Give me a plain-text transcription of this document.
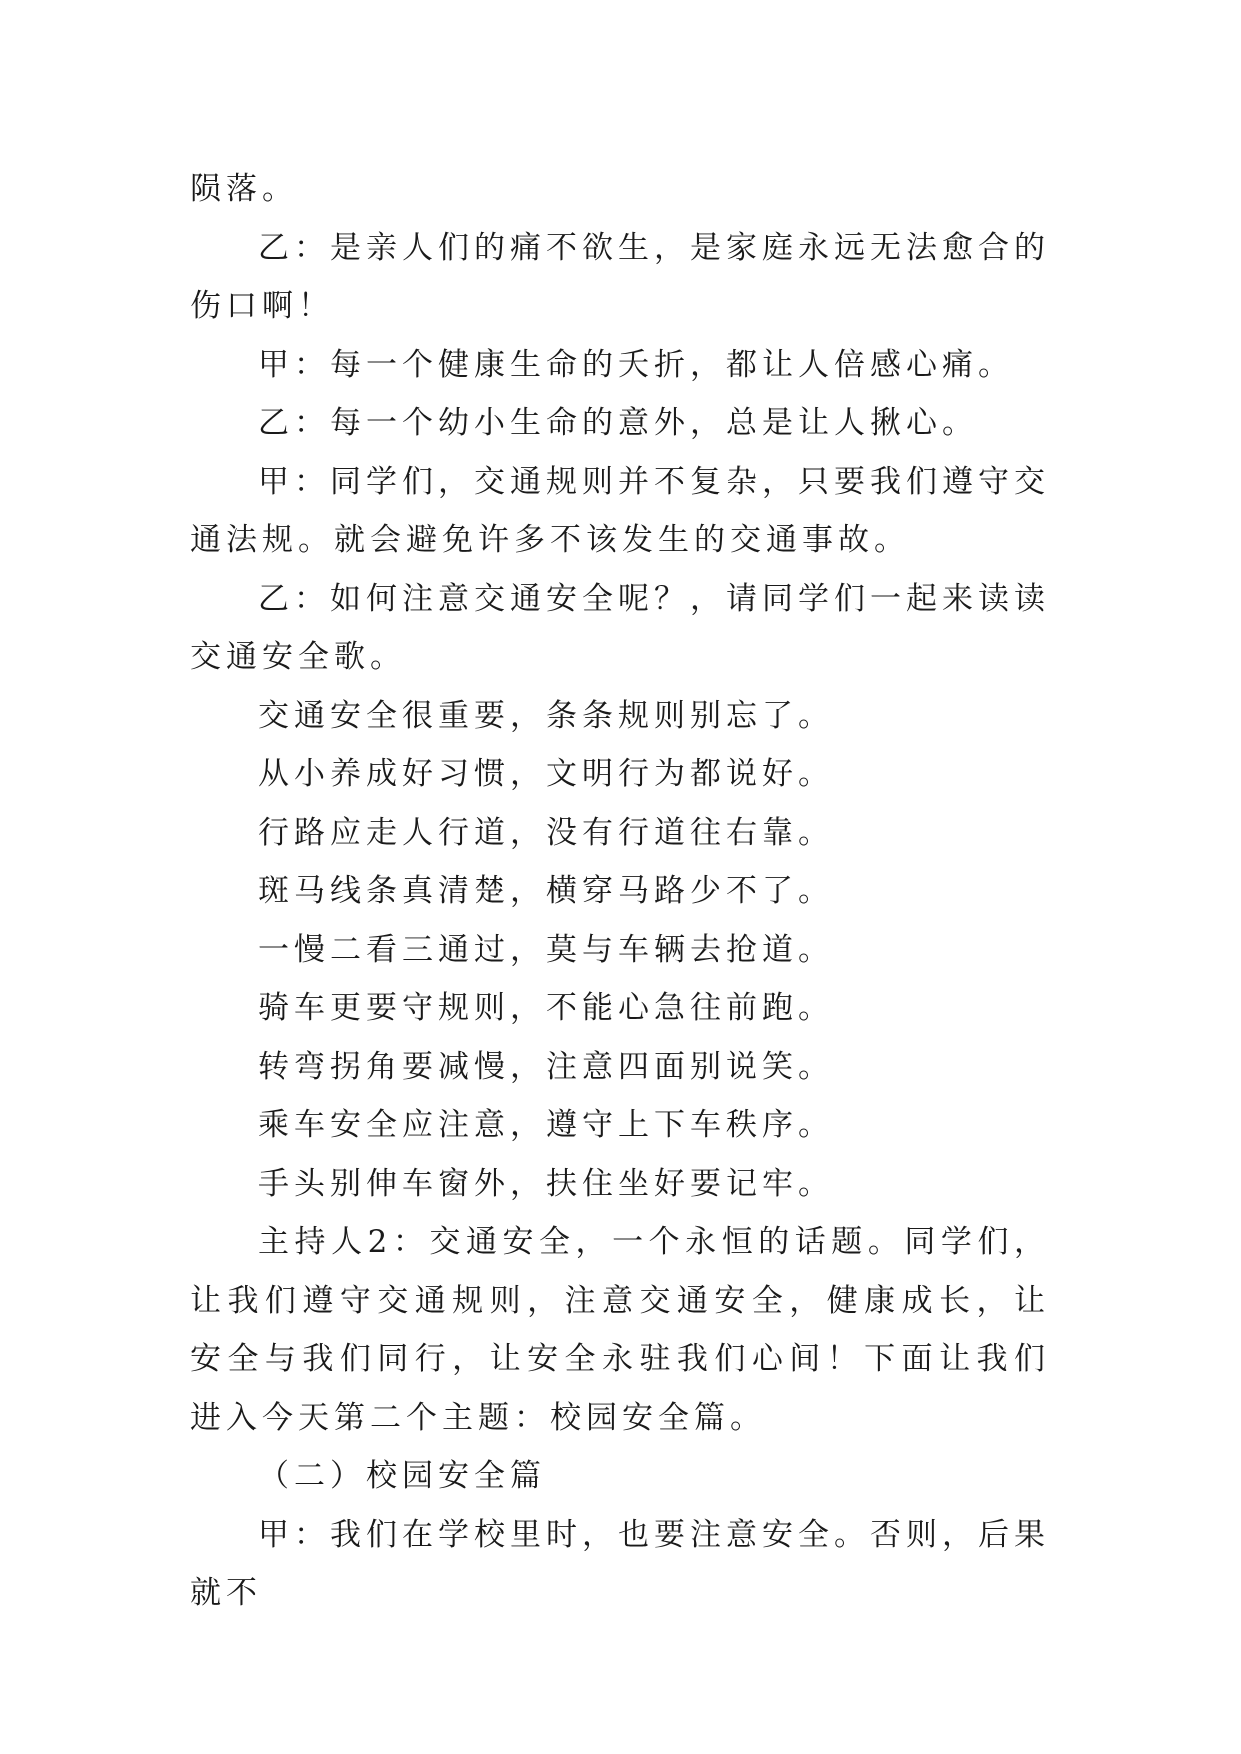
陨落。

乙：是亲人们的痛不欲生，是家庭永远无法愈合的伤口啊！

甲：每一个健康生命的夭折，都让人倍感心痛。

乙：每一个幼小生命的意外，总是让人揪心。

甲：同学们，交通规则并不复杂，只要我们遵守交通法规。就会避免许多不该发生的交通事故。

乙：如何注意交通安全呢？，请同学们一起来读读交通安全歌。

交通安全很重要，条条规则别忘了。

从小养成好习惯，文明行为都说好。

行路应走人行道，没有行道往右靠。

斑马线条真清楚，横穿马路少不了。

一慢二看三通过，莫与车辆去抢道。

骑车更要守规则，不能心急往前跑。

转弯拐角要减慢，注意四面别说笑。

乘车安全应注意，遵守上下车秩序。

手头别伸车窗外，扶住坐好要记牢。

主持人2：交通安全，一个永恒的话题。同学们，让我们遵守交通规则，注意交通安全，健康成长，让安全与我们同行，让安全永驻我们心间！下面让我们进入今天第二个主题：校园安全篇。

（二）校园安全篇

甲：我们在学校里时，也要注意安全。否则，后果就不
